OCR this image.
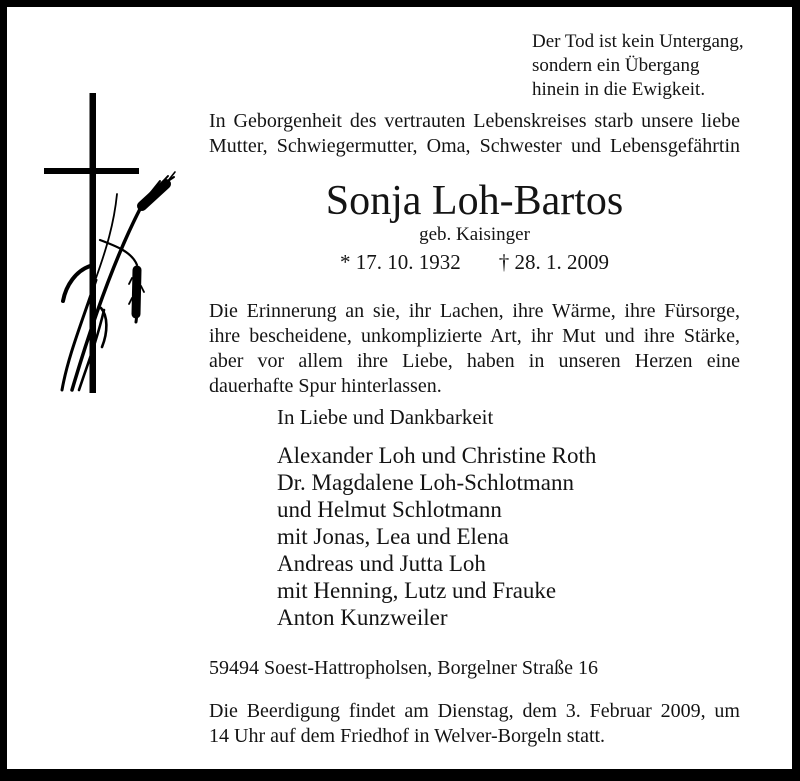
Der Tod ist kein Untergang,
sondern ein Übergang
hinein in die Ewigkeit.
In Geborgenheit des vertrauten Lebenskreises starb unsere liebe
Mutter, Schwiegermutter, Oma, Schwester und Lebensgefährtin
Sonja Loh-Bartos
geb. Kaisinger
* 17. 10. 1932 † 28. 1. 2009
Die Erinnerung an sie, ihr Lachen, ihre Wärme, ihre Fürsorge,
ihre bescheidene, unkomplizierte Art, ihr Mut und ihre Stärke,
aber vor allem ihre Liebe, haben in unseren Herzen eine
dauerhafte Spur hinterlassen.
In Liebe und Dankbarkeit
Alexander Loh und Christine Roth
Dr. Magdalene Loh-Schlotmann
und Helmut Schlotmann
mit Jonas, Lea und Elena
Andreas und Jutta Loh
mit Henning, Lutz und Frauke
Anton Kunzweiler
59494 Soest-Hattropholsen, Borgelner Straße 16
Die Beerdigung findet am Dienstag, dem 3. Februar 2009, um
14 Uhr auf dem Friedhof in Welver-Borgeln statt.
